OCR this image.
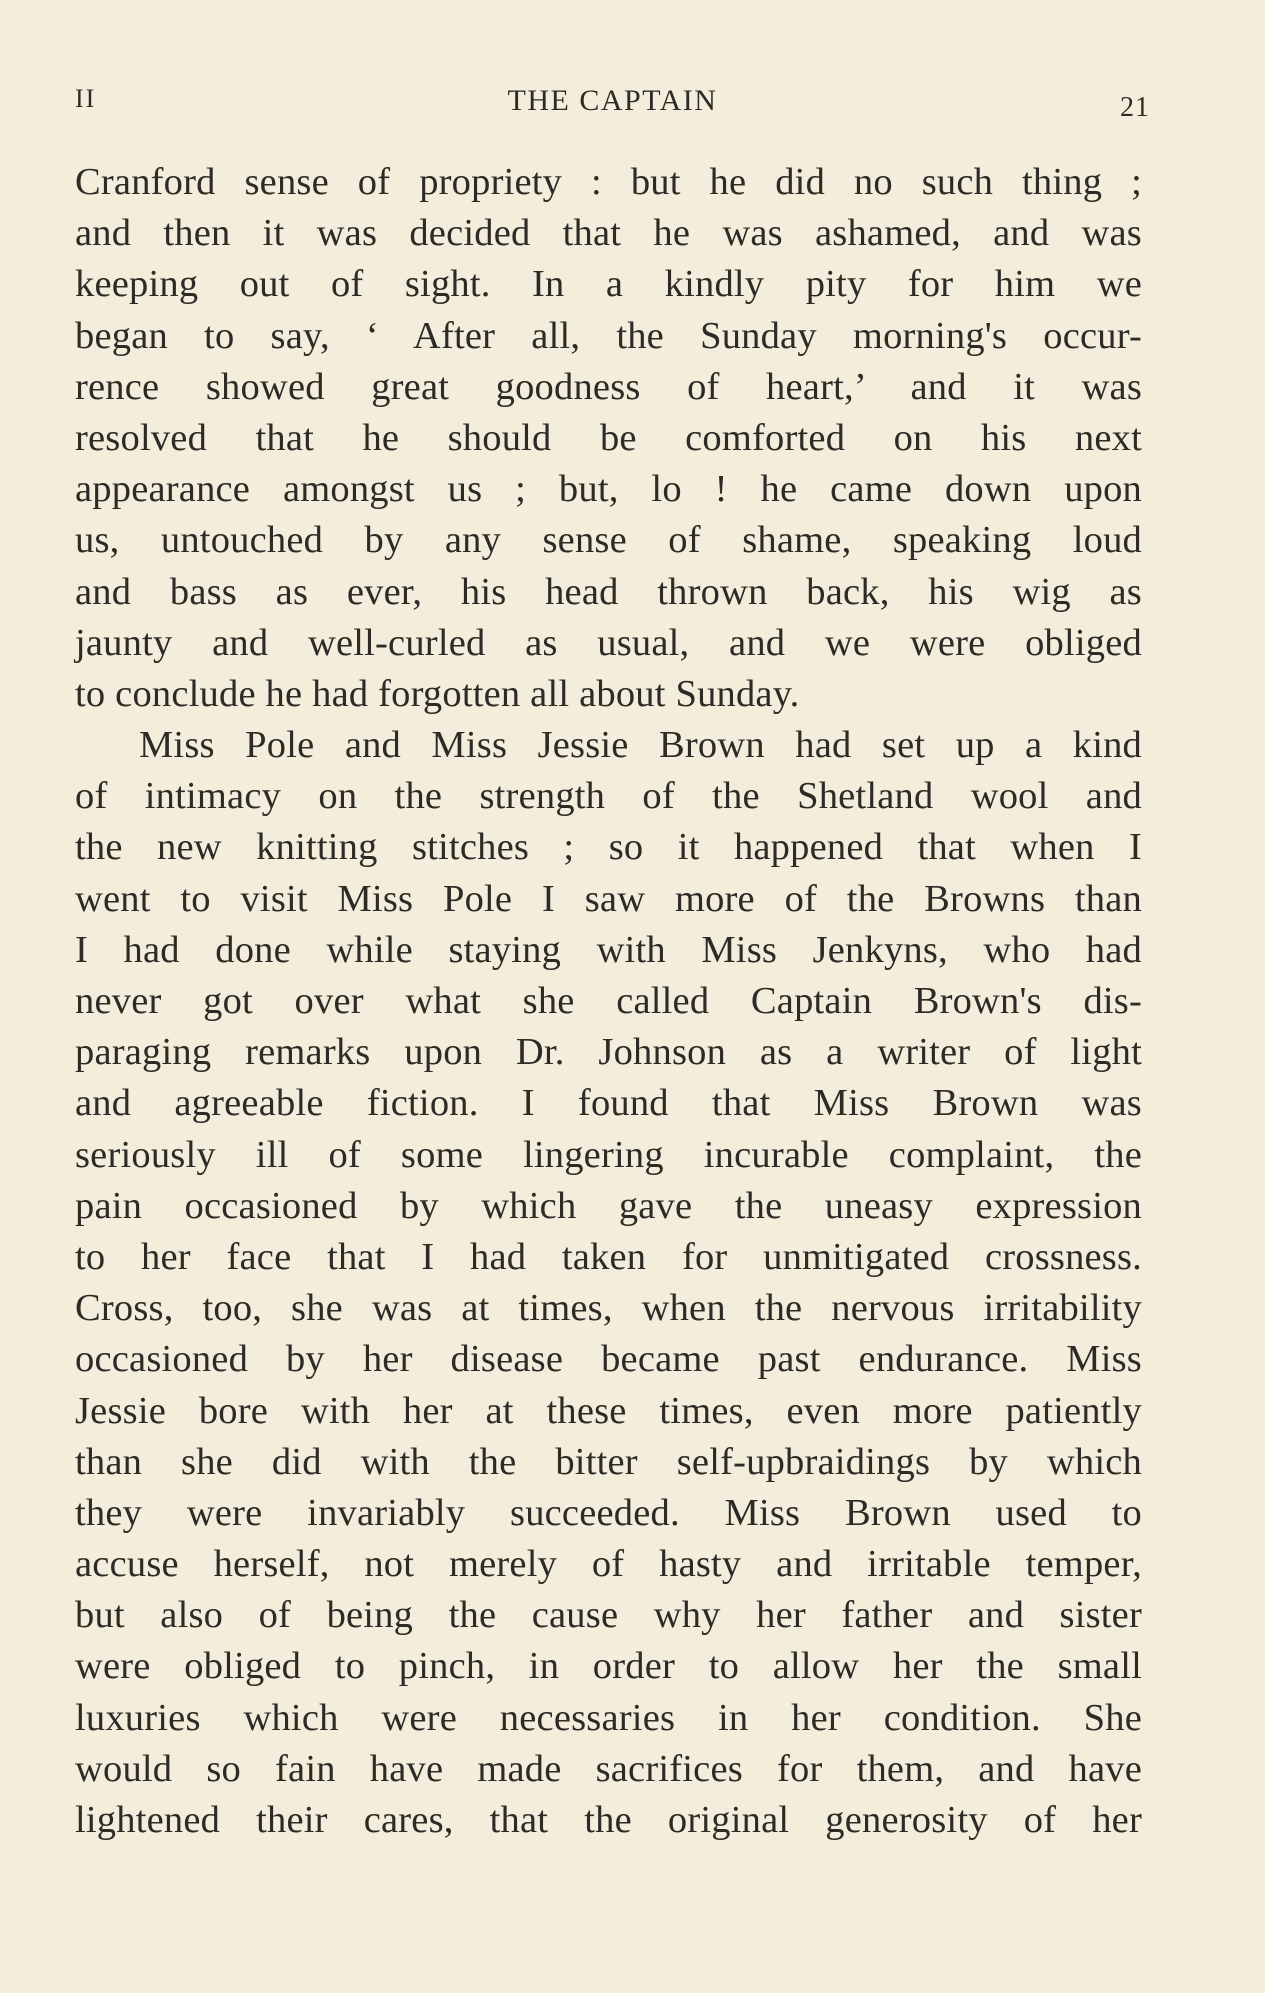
II	THE CAPTAIN	21
Cranford sense of propriety : but he did no such thing ;
and then it was decided that he was ashamed, and was
keeping out of sight. In a kindly pity for him we
began to say, ‘ After all, the Sunday morning's occur-
rence showed great goodness of heart,’ and it was
resolved that he should be comforted on his next
appearance amongst us ; but, lo ! he came down upon
us, untouched by any sense of shame, speaking loud
and bass as ever, his head thrown back, his wig as
jaunty and well-curled as usual, and we were obliged
to conclude he had forgotten all about Sunday.
Miss Pole and Miss Jessie Brown had set up a kind
of intimacy on the strength of the Shetland wool and
the new knitting stitches ; so it happened that when I
went to visit Miss Pole I saw more of the Browns than
I had done while staying with Miss Jenkyns, who had
never got over what she called Captain Brown's dis-
paraging remarks upon Dr. Johnson as a writer of light
and agreeable fiction. I found that Miss Brown was
seriously ill of some lingering incurable complaint, the
pain occasioned by which gave the uneasy expression
to her face that I had taken for unmitigated crossness.
Cross, too, she was at times, when the nervous irritability
occasioned by her disease became past endurance. Miss
Jessie bore with her at these times, even more patiently
than she did with the bitter self-upbraidings by which
they were invariably succeeded. Miss Brown used to
accuse herself, not merely of hasty and irritable temper,
but also of being the cause why her father and sister
were obliged to pinch, in order to allow her the small
luxuries which were necessaries in her condition. She
would so fain have made sacrifices for them, and have
lightened their cares, that the original generosity of her
